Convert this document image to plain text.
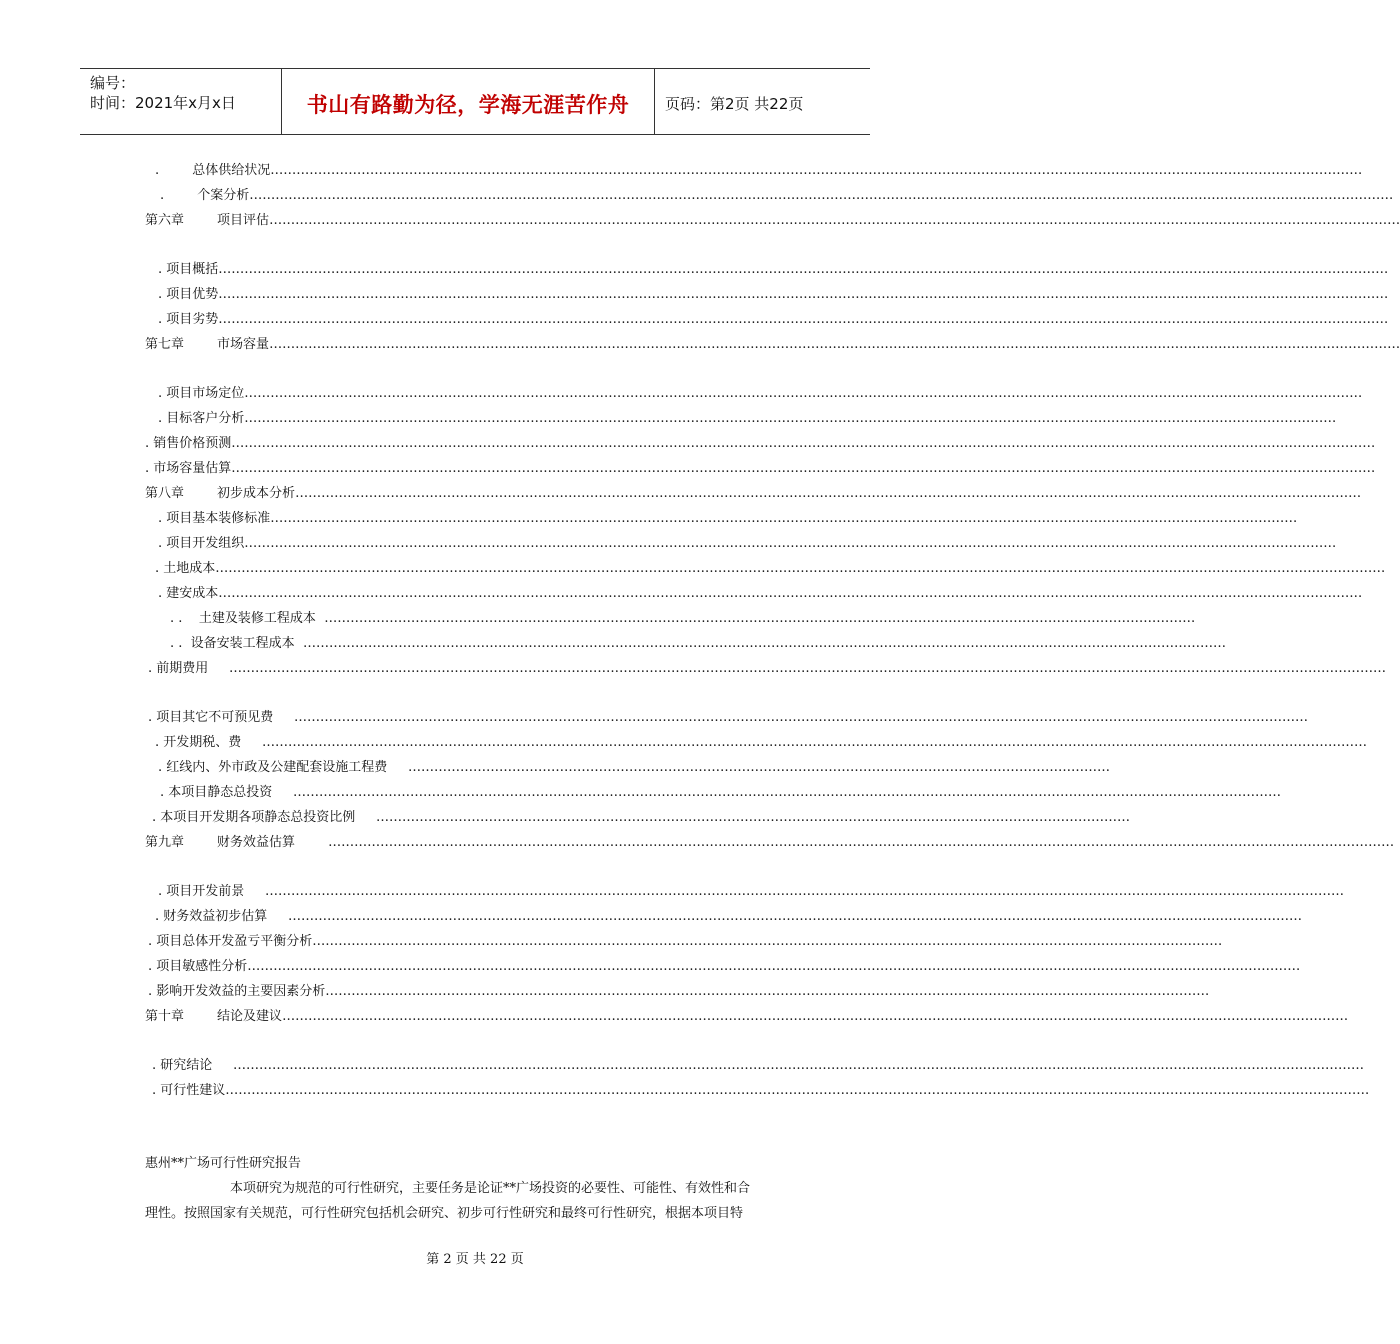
编号：
时间：2021年x月x日	书山有路勤为径，学海无涯苦作舟	页码：第2页 共22页
.        总体供给状况………………………………………………………………………………………………………………………………………………………………………………………………………………………………
.        个案分析…………………………………………………………………………………………………………………………………………………………………………………………………………………………………………
第六章        项目评估………………………………………………………………………………………………………………………………………………………………………………………………………………………………………
. 项目概括………………………………………………………………………………………………………………………………………………………………………………………………………………………………………………
. 项目优势………………………………………………………………………………………………………………………………………………………………………………………………………………………………………………
. 项目劣势………………………………………………………………………………………………………………………………………………………………………………………………………………………………………………
第七章        市场容量………………………………………………………………………………………………………………………………………………………………………………………………………………………………………
. 项目市场定位……………………………………………………………………………………………………………………………………………………………………………………………………………………………………
. 目标客户分析………………………………………………………………………………………………………………………………………………………………………………………………………………………………
. 销售价格预测…………………………………………………………………………………………………………………………………………………………………………………………………………………………………………
. 市场容量估算…………………………………………………………………………………………………………………………………………………………………………………………………………………………………………
第八章        初步成本分析…………………………………………………………………………………………………………………………………………………………………………………………………………………………
. 项目基本装修标准…………………………………………………………………………………………………………………………………………………………………………………………………………………
. 项目开发组织………………………………………………………………………………………………………………………………………………………………………………………………………………………………
. 土地成本………………………………………………………………………………………………………………………………………………………………………………………………………………………………………………
. 建安成本…………………………………………………………………………………………………………………………………………………………………………………………………………………………………………
. .    土建及装修工程成本  …………………………………………………………………………………………………………………………………………………………………………………
. .  设备安装工程成本  ……………………………………………………………………………………………………………………………………………………………………………………………
. 前期费用     ……………………………………………………………………………………………………………………………………………………………………………………………………………………………………………
. 项目其它不可预见费     ………………………………………………………………………………………………………………………………………………………………………………………………………………
. 开发期税、费     …………………………………………………………………………………………………………………………………………………………………………………………………………………………………
. 红线内、外市政及公建配套设施工程费     ………………………………………………………………………………………………………………………………………………
. 本项目静态总投资     …………………………………………………………………………………………………………………………………………………………………………………………………………
. 本项目开发期各项静态总投资比例     …………………………………………………………………………………………………………………………………………………………
第九章        财务效益估算        …………………………………………………………………………………………………………………………………………………………………………………………………………………………
. 项目开发前景     ……………………………………………………………………………………………………………………………………………………………………………………………………………………………
. 财务效益初步估算     ………………………………………………………………………………………………………………………………………………………………………………………………………………
. 项目总体开发盈亏平衡分析…………………………………………………………………………………………………………………………………………………………………………………………
. 项目敏感性分析………………………………………………………………………………………………………………………………………………………………………………………………………………………
. 影响开发效益的主要因素分析……………………………………………………………………………………………………………………………………………………………………………………
第十章        结论及建议…………………………………………………………………………………………………………………………………………………………………………………………………………………………
. 研究结论     ………………………………………………………………………………………………………………………………………………………………………………………………………………………………………
. 可行性建议…………………………………………………………………………………………………………………………………………………………………………………………………………………………………………
惠州**广场可行性研究报告
本项研究为规范的可行性研究，主要任务是论证**广场投资的必要性、可能性、有效性和合
理性。按照国家有关规范，可行性研究包括机会研究、初步可行性研究和最终可行性研究，根据本项目特
第 2 页 共 22 页
